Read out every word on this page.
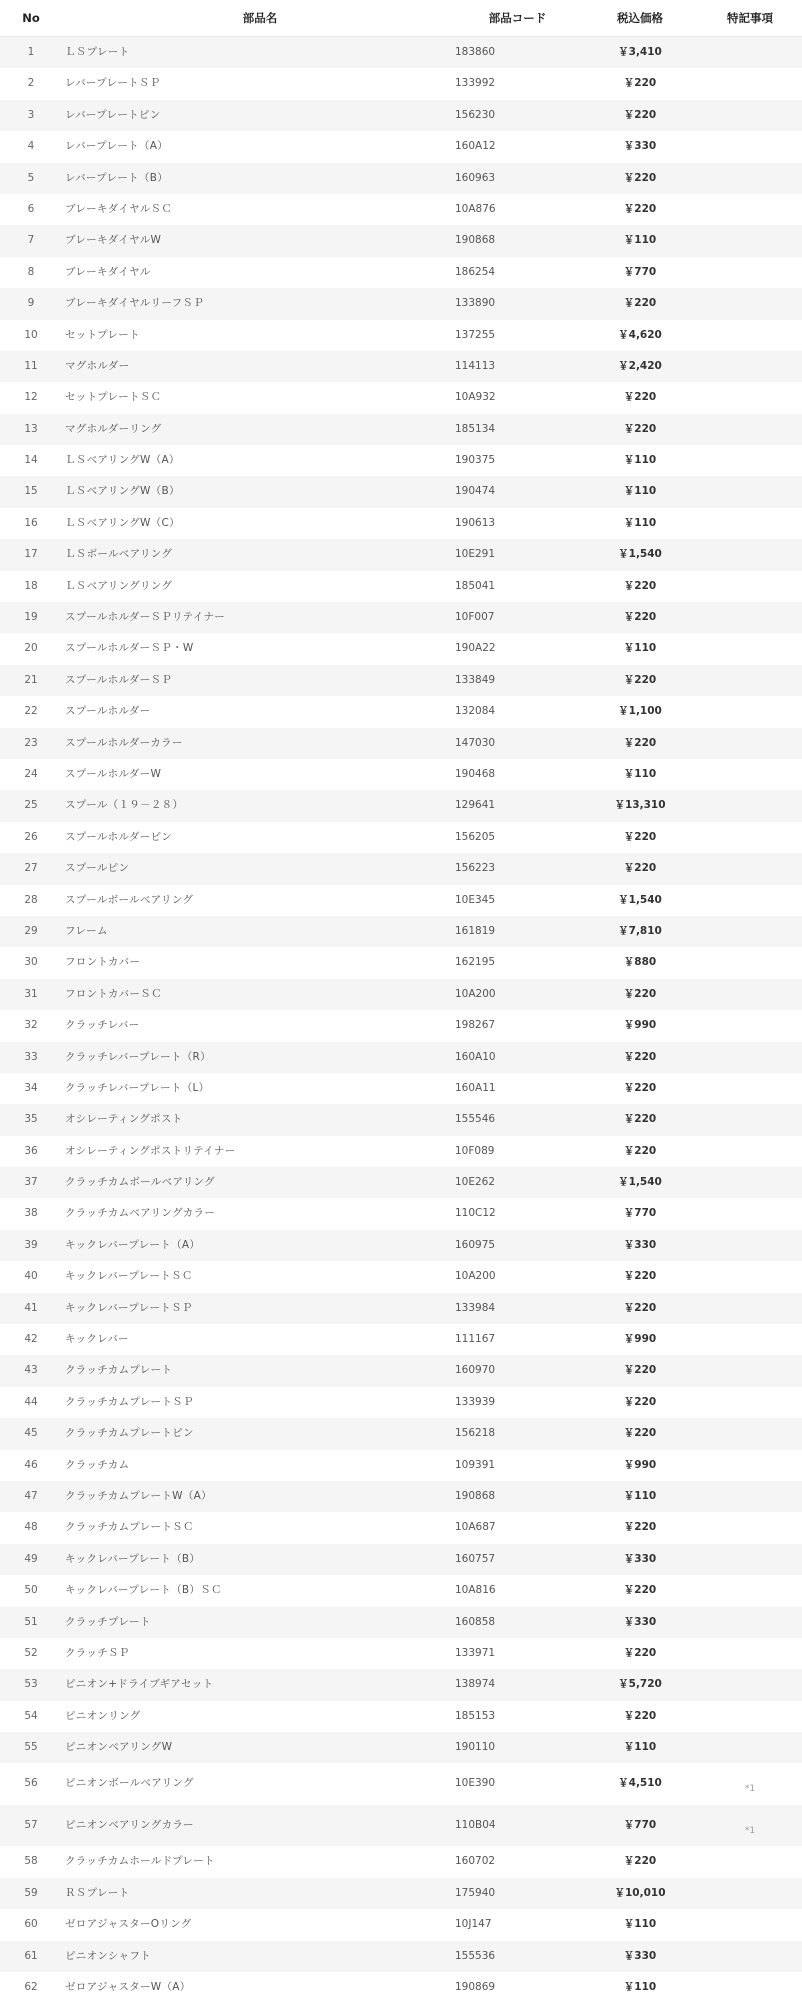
No	部品名	部品コード	税込価格	特記事項
1	ＬＳプレート	183860	￥3,410
2	レバープレートＳＰ	133992	￥220
3	レバープレートピン	156230	￥220
4	レバープレート（A）	160A12	￥330
5	レバープレート（B）	160963	￥220
6	ブレーキダイヤルＳＣ	10A876	￥220
7	ブレーキダイヤルW	190868	￥110
8	ブレーキダイヤル	186254	￥770
9	ブレーキダイヤルリーフＳＰ	133890	￥220
10	セットプレート	137255	￥4,620
11	マグホルダー	114113	￥2,420
12	セットプレートＳＣ	10A932	￥220
13	マグホルダーリング	185134	￥220
14	ＬＳベアリングW（A）	190375	￥110
15	ＬＳベアリングW（B）	190474	￥110
16	ＬＳベアリングW（C）	190613	￥110
17	ＬＳボールベアリング	10E291	￥1,540
18	ＬＳベアリングリング	185041	￥220
19	スプールホルダーＳＰリテイナー	10F007	￥220
20	スプールホルダーＳＰ・W	190A22	￥110
21	スプールホルダーＳＰ	133849	￥220
22	スプールホルダー	132084	￥1,100
23	スプールホルダーカラー	147030	￥220
24	スプールホルダーW	190468	￥110
25	スプール（１９－２８）	129641	￥13,310
26	スプールホルダーピン	156205	￥220
27	スプールピン	156223	￥220
28	スプールボールベアリング	10E345	￥1,540
29	フレーム	161819	￥7,810
30	フロントカバー	162195	￥880
31	フロントカバーＳＣ	10A200	￥220
32	クラッチレバー	198267	￥990
33	クラッチレバープレート（R）	160A10	￥220
34	クラッチレバープレート（L）	160A11	￥220
35	オシレーティングポスト	155546	￥220
36	オシレーティングポストリテイナー	10F089	￥220
37	クラッチカムボールベアリング	10E262	￥1,540
38	クラッチカムベアリングカラー	110C12	￥770
39	キックレバープレート（A）	160975	￥330
40	キックレバープレートＳＣ	10A200	￥220
41	キックレバープレートＳＰ	133984	￥220
42	キックレバー	111167	￥990
43	クラッチカムプレート	160970	￥220
44	クラッチカムプレートＳＰ	133939	￥220
45	クラッチカムプレートピン	156218	￥220
46	クラッチカム	109391	￥990
47	クラッチカムプレートW（A）	190868	￥110
48	クラッチカムプレートＳＣ	10A687	￥220
49	キックレバープレート（B）	160757	￥330
50	キックレバープレート（B）ＳＣ	10A816	￥220
51	クラッチプレート	160858	￥330
52	クラッチＳＰ	133971	￥220
53	ピニオン+ドライブギアセット	138974	￥5,720
54	ピニオンリング	185153	￥220
55	ピニオンベアリングW	190110	￥110
56	ピニオンボールベアリング	10E390	￥4,510	*1
57	ピニオンベアリングカラー	110B04	￥770	*1
58	クラッチカムホールドプレート	160702	￥220
59	ＲＳプレート	175940	￥10,010
60	ゼロアジャスターOリング	10J147	￥110
61	ピニオンシャフト	155536	￥330
62	ゼロアジャスターW（A）	190869	￥110
